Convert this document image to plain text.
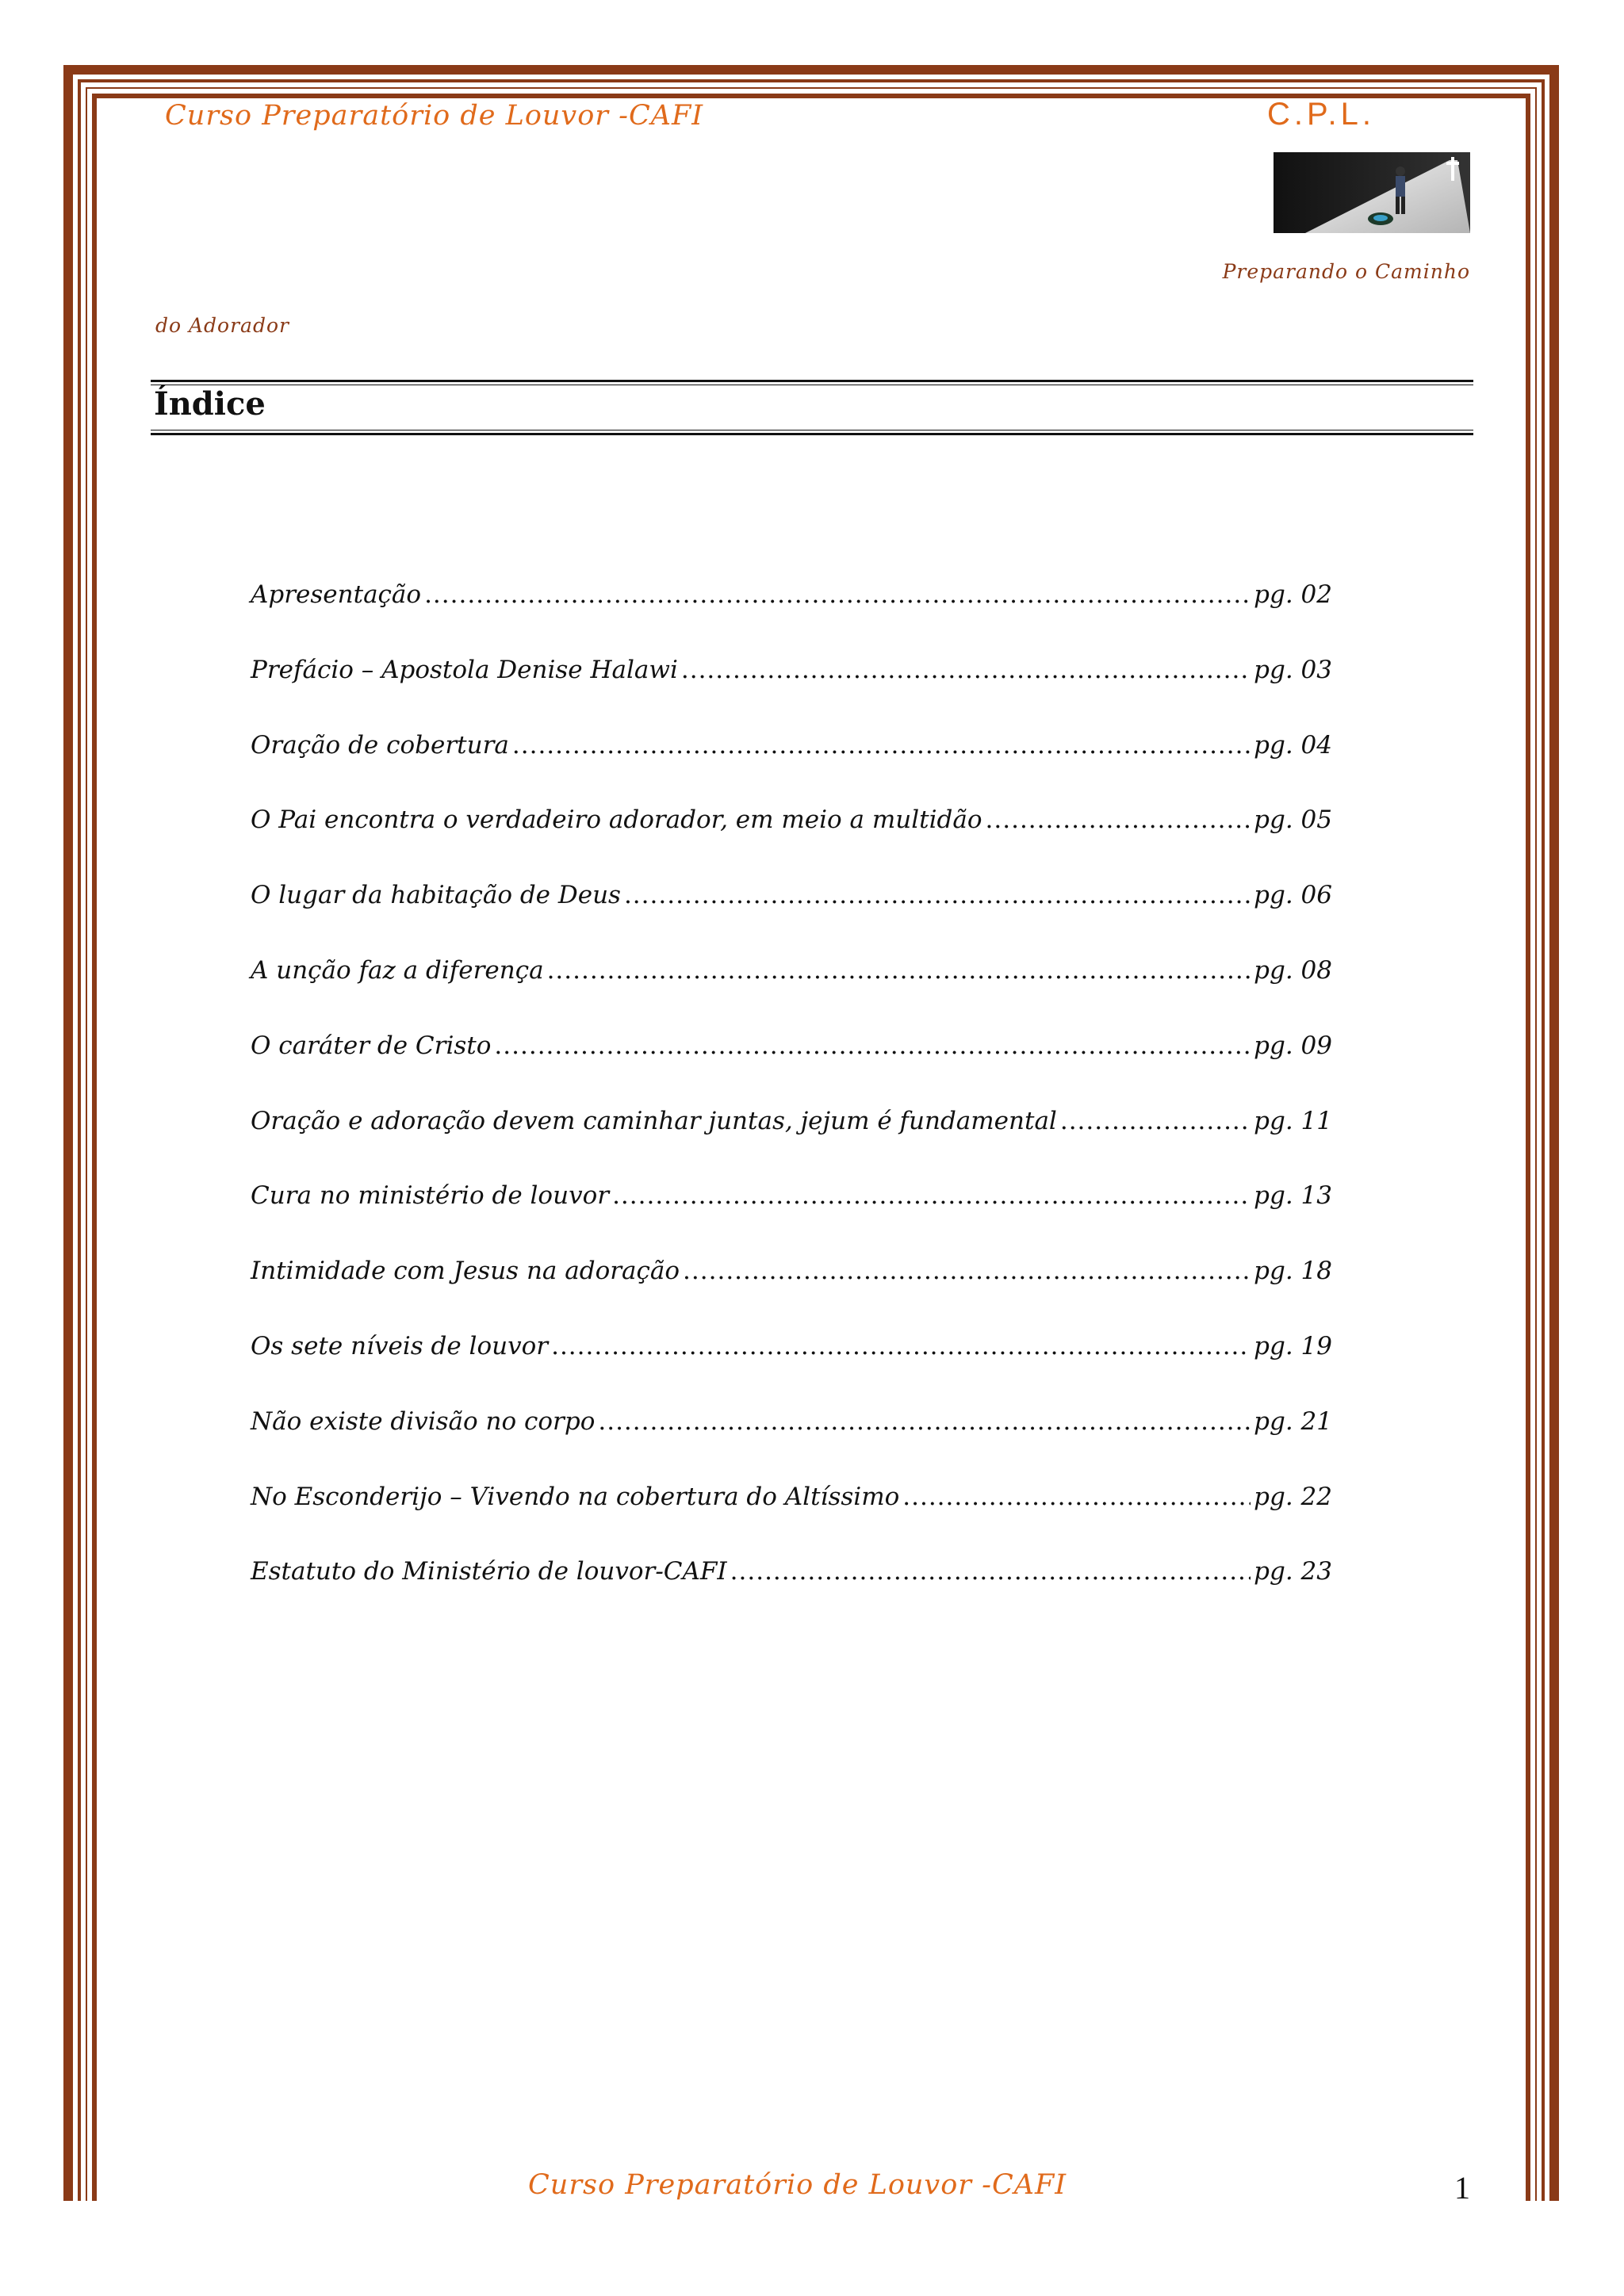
Curso Preparatório de Louvor -CAFI	C.P.L.
Preparando o Caminho
do Adorador
Índice
Apresentação .....	pg. 02
Prefácio – Apostola Denise Halawi .....	pg. 03
Oração de cobertura .....	pg. 04
O Pai encontra o verdadeiro adorador, em meio a multidão .....	pg. 05
O lugar da habitação de Deus .....	pg. 06
A unção faz a diferença .....	pg. 08
O caráter de Cristo .....	pg. 09
Oração e adoração devem caminhar juntas, jejum é fundamental .....	pg. 11
Cura no ministério de louvor .....	pg. 13
Intimidade com Jesus na adoração .....	pg. 18
Os sete níveis de louvor .....	pg. 19
Não existe divisão no corpo .....	pg. 21
No Esconderijo – Vivendo na cobertura do Altíssimo .....	pg. 22
Estatuto do Ministério de louvor-CAFI .....	pg. 23
Curso Preparatório de Louvor -CAFI	1
